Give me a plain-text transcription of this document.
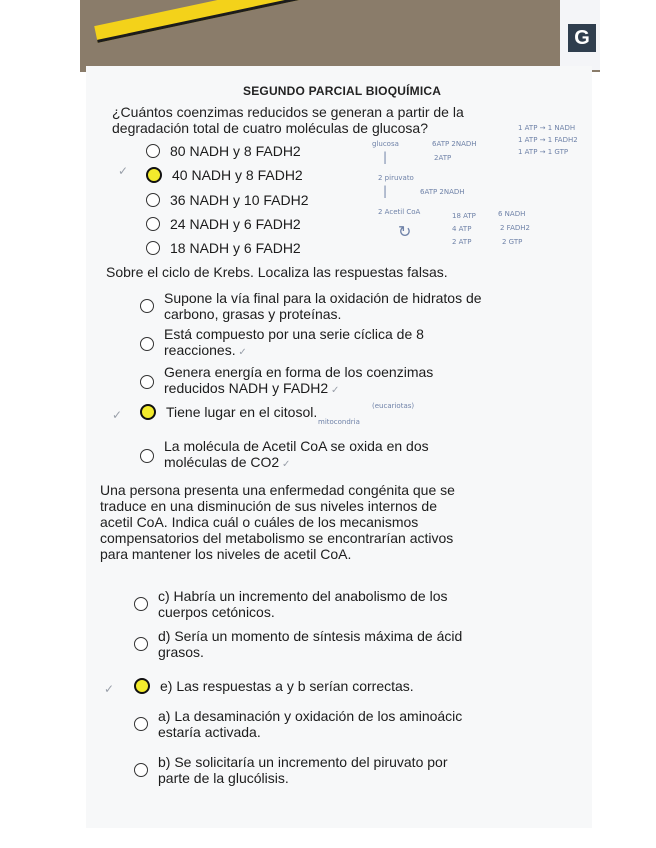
G
SEGUNDO PARCIAL BIOQUÍMICA
¿Cuántos coenzimas reducidos se generan a partir de la
degradación total de cuatro moléculas de glucosa?
80 NADH y 8 FADH2
✓	40 NADH y 8 FADH2
36 NADH y 10 FADH2
24 NADH y 6 FADH2
18 NADH y 6 FADH2
glucosa
|
2 piruvato
|
2 Acetil CoA
↻
6ATP 2NADH
2ATP
6ATP 2NADH
18 ATP
4 ATP
2 ATP
6 NADH
2 FADH2
2 GTP
1 ATP → 1 NADH
1 ATP → 1 FADH2
1 ATP → 1 GTP
Sobre el ciclo de Krebs. Localiza las respuestas falsas.
Supone la vía final para la oxidación de hidratos de
carbono, grasas y proteínas.
Está compuesto por una serie cíclica de 8
reacciones. ✓
Genera energía en forma de los coenzimas
reducidos NADH y FADH2 ✓
✓	Tiene lugar en el citosol.	(eucariotas)
mitocondria
La molécula de Acetil CoA se oxida en dos
moléculas de CO2 ✓
Una persona presenta una enfermedad congénita que se
traduce en una disminución de sus niveles internos de
acetil CoA. Indica cuál o cuáles de los mecanismos
compensatorios del metabolismo se encontrarían activos
para mantener los niveles de acetil CoA.
c) Habría un incremento del anabolismo de los
cuerpos cetónicos.
d) Sería un momento de síntesis máxima de ácid
grasos.
✓	e) Las respuestas a y b serían correctas.
a) La desaminación y oxidación de los aminoácic
estaría activada.
b) Se solicitaría un incremento del piruvato por
parte de la glucólisis.
